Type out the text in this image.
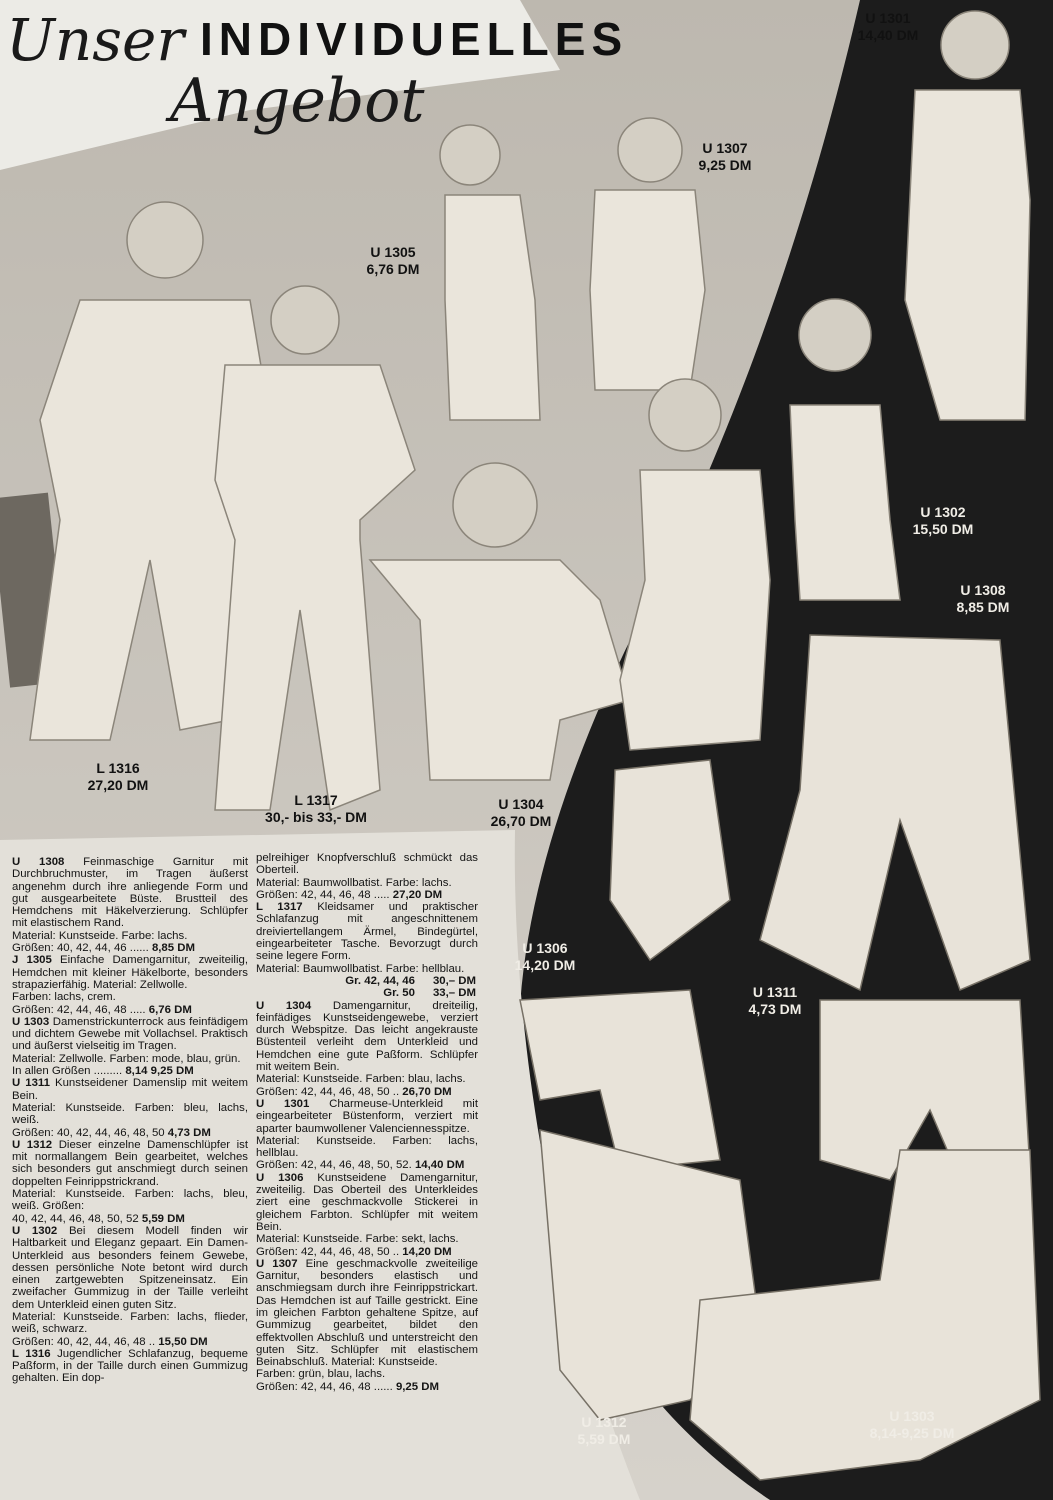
Unser INDIVIDUELLES
Angebot
U 1301
14,40 DM
U 1307
9,25 DM
U 1305
6,76 DM
U 1302
15,50 DM
U 1308
8,85 DM
L 1316
27,20 DM
L 1317
30,- bis 33,- DM
U 1304
26,70 DM
U 1306
14,20 DM
U 1311
4,73 DM
U 1312
5,59 DM
U 1303
8,14-9,25 DM

U 1308 Feinmaschige Garnitur mit Durchbruchmuster, im Tragen äußerst angenehm durch ihre anliegende Form und gut ausgearbeitete Büste. Brustteil des Hemdchens mit Häkelverzierung. Schlüpfer mit elastischem Rand.
Material: Kunstseide. Farbe: lachs.
Größen: 40, 42, 44, 46 ...... 8,85 DM

J 1305 Einfache Damengarnitur, zweiteilig, Hemdchen mit kleiner Häkelborte, besonders strapazierfähig. Material: Zellwolle.
Farben: lachs, crem.
Größen: 42, 44, 46, 48 ..... 6,76 DM

U 1303 Damenstrickunterrock aus feinfädigem und dichtem Gewebe mit Vollachsel. Praktisch und äußerst vielseitig im Tragen.
Material: Zellwolle. Farben: mode, blau, grün.
In allen Größen ......... 8,14 9,25 DM

U 1311 Kunstseidener Damenslip mit weitem Bein.
Material: Kunstseide. Farben: bleu, lachs, weiß.
Größen: 40, 42, 44, 46, 48, 50 4,73 DM

U 1312 Dieser einzelne Damenschlüpfer ist mit normallangem Bein gearbeitet, welches sich besonders gut anschmiegt durch seinen doppelten Feinrippstrickrand.
Material: Kunstseide. Farben: lachs, bleu, weiß. Größen:
40, 42, 44, 46, 48, 50, 52 5,59 DM

U 1302 Bei diesem Modell finden wir Haltbarkeit und Eleganz gepaart. Ein Damen-Unterkleid aus besonders feinem Gewebe, dessen persönliche Note betont wird durch einen zartgewebten Spitzeneinsatz. Ein zweifacher Gummizug in der Taille verleiht dem Unterkleid einen guten Sitz.
Material: Kunstseide. Farben: lachs, flieder, weiß, schwarz.
Größen: 40, 42, 44, 46, 48 .. 15,50 DM

L 1316 Jugendlicher Schlafanzug, bequeme Paßform, in der Taille durch einen Gummizug gehalten. Ein dop-

pelreihiger Knopfverschluß schmückt das Oberteil.
Material: Baumwollbatist. Farbe: lachs.
Größen: 42, 44, 46, 48 ..... 27,20 DM

L 1317 Kleidsamer und praktischer Schlafanzug mit angeschnittenem dreiviertellangem Ärmel, Bindegürtel, eingearbeiteter Tasche. Bevorzugt durch seine legere Form.
Material: Baumwollbatist. Farbe: hellblau.
Gr. 42, 44, 46 30,– DM
Gr. 50 33,– DM

U 1304 Damengarnitur, dreiteilig, feinfädiges Kunstseidengewebe, verziert durch Webspitze. Das leicht angekrauste Büstenteil verleiht dem Unterkleid und Hemdchen eine gute Paßform. Schlüpfer mit weitem Bein.
Material: Kunstseide. Farben: blau, lachs.
Größen: 42, 44, 46, 48, 50 .. 26,70 DM

U 1301 Charmeuse-Unterkleid mit eingearbeiteter Büstenform, verziert mit aparter baumwollener Valenciennesspitze.
Material: Kunstseide. Farben: lachs, hellblau.
Größen: 42, 44, 46, 48, 50, 52. 14,40 DM

U 1306 Kunstseidene Damengarnitur, zweiteilig. Das Oberteil des Unterkleides ziert eine geschmackvolle Stickerei in gleichem Farbton. Schlüpfer mit weitem Bein.
Material: Kunstseide. Farbe: sekt, lachs.
Größen: 42, 44, 46, 48, 50 .. 14,20 DM

U 1307 Eine geschmackvolle zweiteilige Garnitur, besonders elastisch und anschmiegsam durch ihre Feinrippstrickart. Das Hemdchen ist auf Taille gestrickt. Eine im gleichen Farbton gehaltene Spitze, auf Gummizug gearbeitet, bildet den effektvollen Abschluß und unterstreicht den guten Sitz. Schlüpfer mit elastischem Beinabschluß. Material: Kunstseide.
Farben: grün, blau, lachs.
Größen: 42, 44, 46, 48 ...... 9,25 DM
